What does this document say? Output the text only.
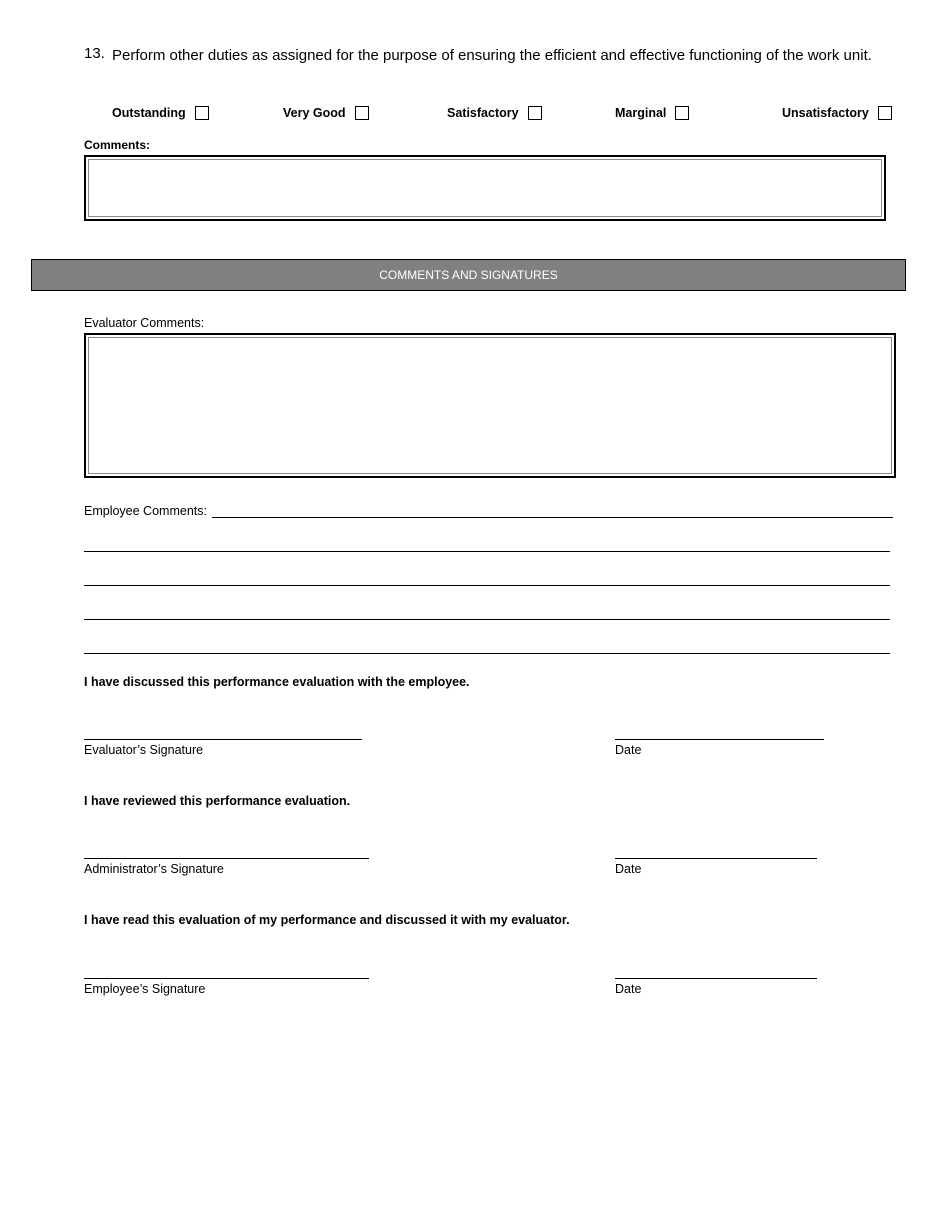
13. Perform other duties as assigned for the purpose of ensuring the efficient and effective functioning of the work unit.
Outstanding	Very Good	Satisfactory	Marginal	Unsatisfactory
Comments:
COMMENTS AND SIGNATURES
Evaluator Comments:
Employee Comments:
I have discussed this performance evaluation with the employee.
Evaluator’s Signature	Date
I have reviewed this performance evaluation.
Administrator’s Signature	Date
I have read this evaluation of my performance and discussed it with my evaluator.
Employee’s Signature	Date
